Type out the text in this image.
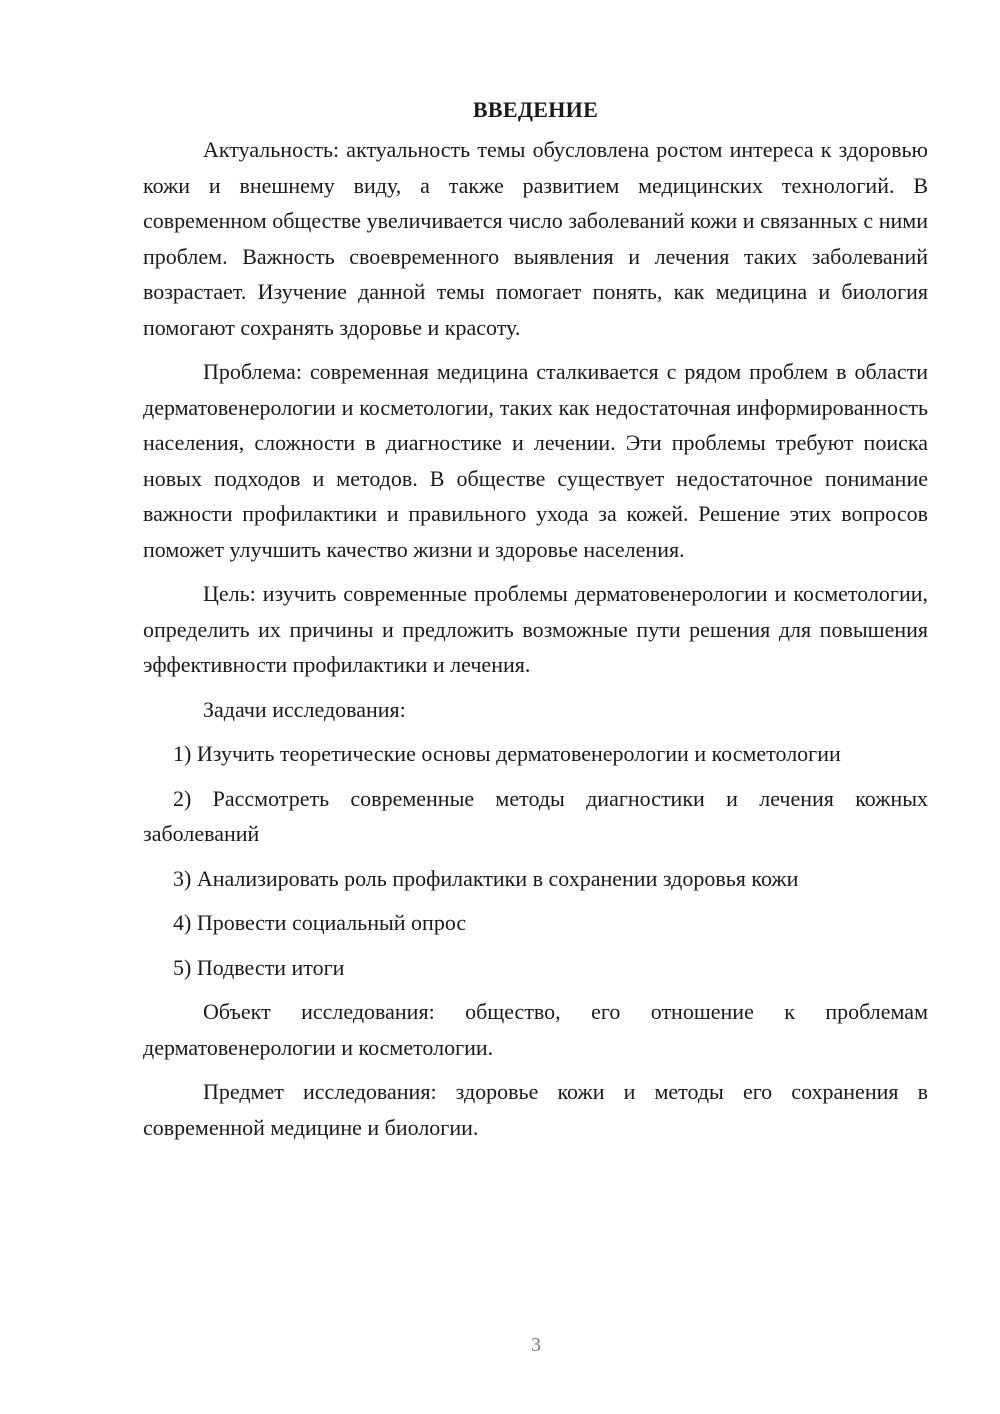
ВВЕДЕНИЕ

Актуальность: актуальность темы обусловлена ростом интереса к здоровью кожи и внешнему виду, а также развитием медицинских технологий. В современном обществе увеличивается число заболеваний кожи и связанных с ними проблем. Важность своевременного выявления и лечения таких заболеваний возрастает. Изучение данной темы помогает понять, как медицина и биология помогают сохранять здоровье и красоту.

Проблема: современная медицина сталкивается с рядом проблем в области дерматовенерологии и косметологии, таких как недостаточная информированность населения, сложности в диагностике и лечении. Эти проблемы требуют поиска новых подходов и методов. В обществе существует недостаточное понимание важности профилактики и правильного ухода за кожей. Решение этих вопросов поможет улучшить качество жизни и здоровье населения.

Цель: изучить современные проблемы дерматовенерологии и косметологии, определить их причины и предложить возможные пути решения для повышения эффективности профилактики и лечения.

Задачи исследования:

1) Изучить теоретические основы дерматовенерологии и косметологии

2) Рассмотреть современные методы диагностики и лечения кожных заболеваний

3) Анализировать роль профилактики в сохранении здоровья кожи

4) Провести социальный опрос

5) Подвести итоги

Объект исследования: общество, его отношение к проблемам дерматовенерологии и косметологии.

Предмет исследования: здоровье кожи и методы его сохранения в современной медицине и биологии.

3
